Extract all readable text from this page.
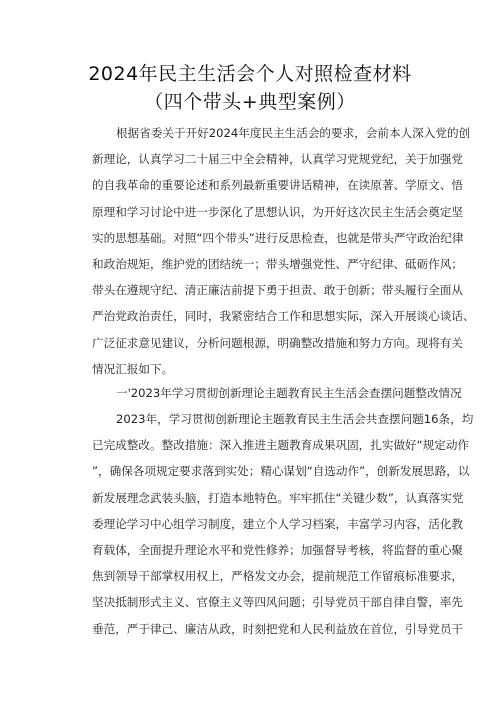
2024年民主生活会个人对照检查材料
（四个带头+典型案例）
根据省委关于开好2024年度民主生活会的要求，会前本人深入党的创
新理论，认真学习二十届三中全会精神，认真学习党规党纪，关于加强党
的自我革命的重要论述和系列最新重要讲话精神，在读原著、学原文、悟
原理和学习讨论中进一步深化了思想认识，为开好这次民主生活会奠定坚
实的思想基础。对照“四个带头”进行反思检查，也就是带头严守政治纪律
和政治规矩，维护党的团结统一；带头增强党性、严守纪律、砥砺作风；
带头在遵规守纪、清正廉洁前提下勇于担责、敢于创新；带头履行全面从
严治党政治责任，同时，我紧密结合工作和思想实际，深入开展谈心谈话、
广泛征求意见建议，分析问题根源，明确整改措施和努力方向。现将有关
情况汇报如下。
一'2023年学习贯彻创新理论主题教育民主生活会查摆问题整改情况
2023年，学习贯彻创新理论主题教育民主生活会共查摆问题16条，均
已完成整改。整改措施：深入推进主题教育成果巩固，扎实做好“规定动作
”，确保各项规定要求落到实处；精心谋划“自选动作”，创新发展思路，以
新发展理念武装头脑，打造本地特色。牢牢抓住“关键少数”，认真落实党
委理论学习中心组学习制度，建立个人学习档案，丰富学习内容，活化教
育载体，全面提升理论水平和党性修养；加强督导考核，将监督的重心聚
焦到领导干部掌权用权上，严格发文办会，提前规范工作留痕标准要求，
坚决抵制形式主义、官僚主义等四风问题；引导党员干部自律自警，率先
垂范，严于律己、廉洁从政，时刻把党和人民利益放在首位，引导党员干
